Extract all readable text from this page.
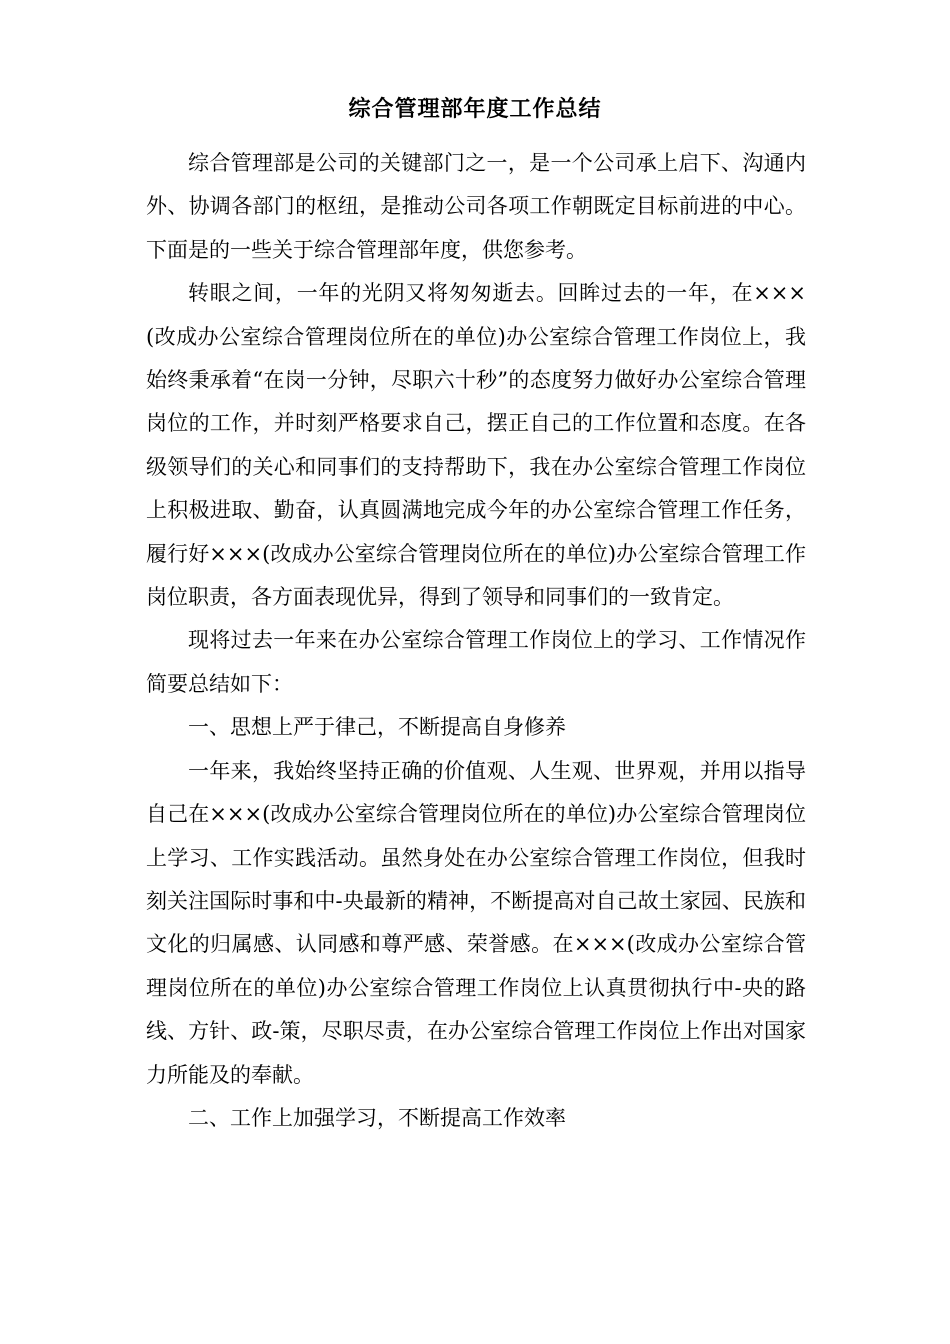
综合管理部年度工作总结

综合管理部是公司的关键部门之一，是一个公司承上启下、沟通内外、协调各部门的枢纽，是推动公司各项工作朝既定目标前进的中心。下面是的一些关于综合管理部年度，供您参考。

转眼之间，一年的光阴又将匆匆逝去。回眸过去的一年，在×××(改成办公室综合管理岗位所在的单位)办公室综合管理工作岗位上，我始终秉承着“在岗一分钟，尽职六十秒”的态度努力做好办公室综合管理岗位的工作，并时刻严格要求自己，摆正自己的工作位置和态度。在各级领导们的关心和同事们的支持帮助下，我在办公室综合管理工作岗位上积极进取、勤奋，认真圆满地完成今年的办公室综合管理工作任务，履行好×××(改成办公室综合管理岗位所在的单位)办公室综合管理工作岗位职责，各方面表现优异，得到了领导和同事们的一致肯定。

现将过去一年来在办公室综合管理工作岗位上的学习、工作情况作简要总结如下：

一、思想上严于律己，不断提高自身修养

一年来，我始终坚持正确的价值观、人生观、世界观，并用以指导自己在×××(改成办公室综合管理岗位所在的单位)办公室综合管理岗位上学习、工作实践活动。虽然身处在办公室综合管理工作岗位，但我时刻关注国际时事和中-央最新的精神，不断提高对自己故土家园、民族和文化的归属感、认同感和尊严感、荣誉感。在×××(改成办公室综合管理岗位所在的单位)办公室综合管理工作岗位上认真贯彻执行中-央的路线、方针、政-策，尽职尽责，在办公室综合管理工作岗位上作出对国家力所能及的奉献。

二、工作上加强学习，不断提高工作效率
